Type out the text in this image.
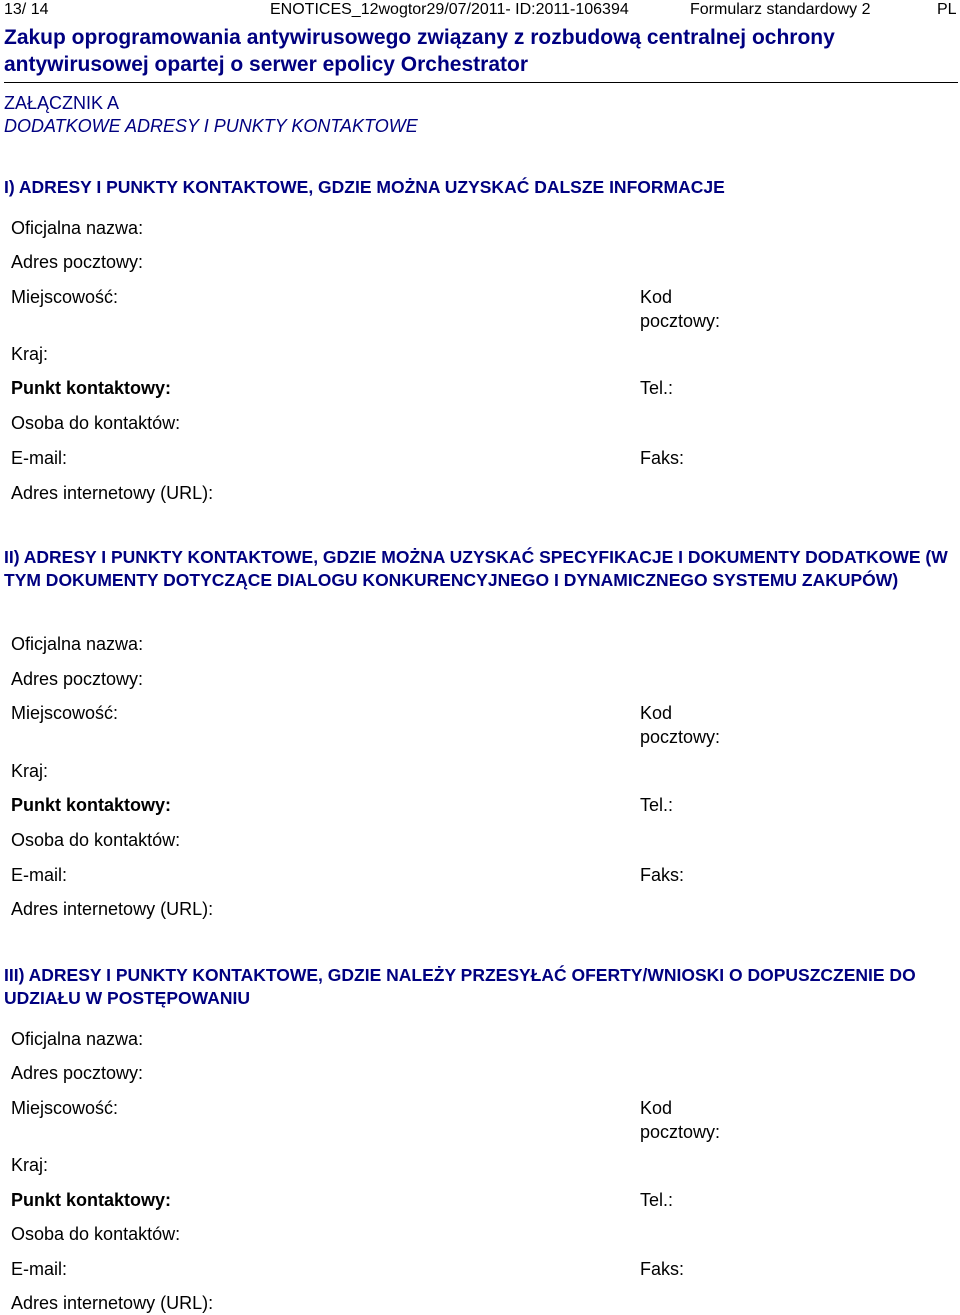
13/ 14	ENOTICES_12wogtor29/07/2011- ID:2011-106394	Formularz standardowy 2	PL
Zakup oprogramowania antywirusowego związany z rozbudową centralnej ochrony
antywirusowej opartej o serwer epolicy Orchestrator
ZAŁĄCZNIK A
DODATKOWE ADRESY I PUNKTY KONTAKTOWE
I) ADRESY I PUNKTY KONTAKTOWE, GDZIE MOŻNA UZYSKAĆ DALSZE INFORMACJE
Oficjalna nazwa:
Adres pocztowy:
Miejscowość:	Kod
pocztowy:
Kraj:
Punkt kontaktowy:	Tel.:
Osoba do kontaktów:
E-mail:	Faks:
Adres internetowy (URL):
II) ADRESY I PUNKTY KONTAKTOWE, GDZIE MOŻNA UZYSKAĆ SPECYFIKACJE I DOKUMENTY DODATKOWE (W TYM DOKUMENTY DOTYCZĄCE DIALOGU KONKURENCYJNEGO I DYNAMICZNEGO SYSTEMU ZAKUPÓW)
Oficjalna nazwa:
Adres pocztowy:
Miejscowość:	Kod
pocztowy:
Kraj:
Punkt kontaktowy:	Tel.:
Osoba do kontaktów:
E-mail:	Faks:
Adres internetowy (URL):
III) ADRESY I PUNKTY KONTAKTOWE, GDZIE NALEŻY PRZESYŁAĆ OFERTY/WNIOSKI O DOPUSZCZENIE DO UDZIAŁU W POSTĘPOWANIU
Oficjalna nazwa:
Adres pocztowy:
Miejscowość:	Kod
pocztowy:
Kraj:
Punkt kontaktowy:	Tel.:
Osoba do kontaktów:
E-mail:	Faks:
Adres internetowy (URL):
